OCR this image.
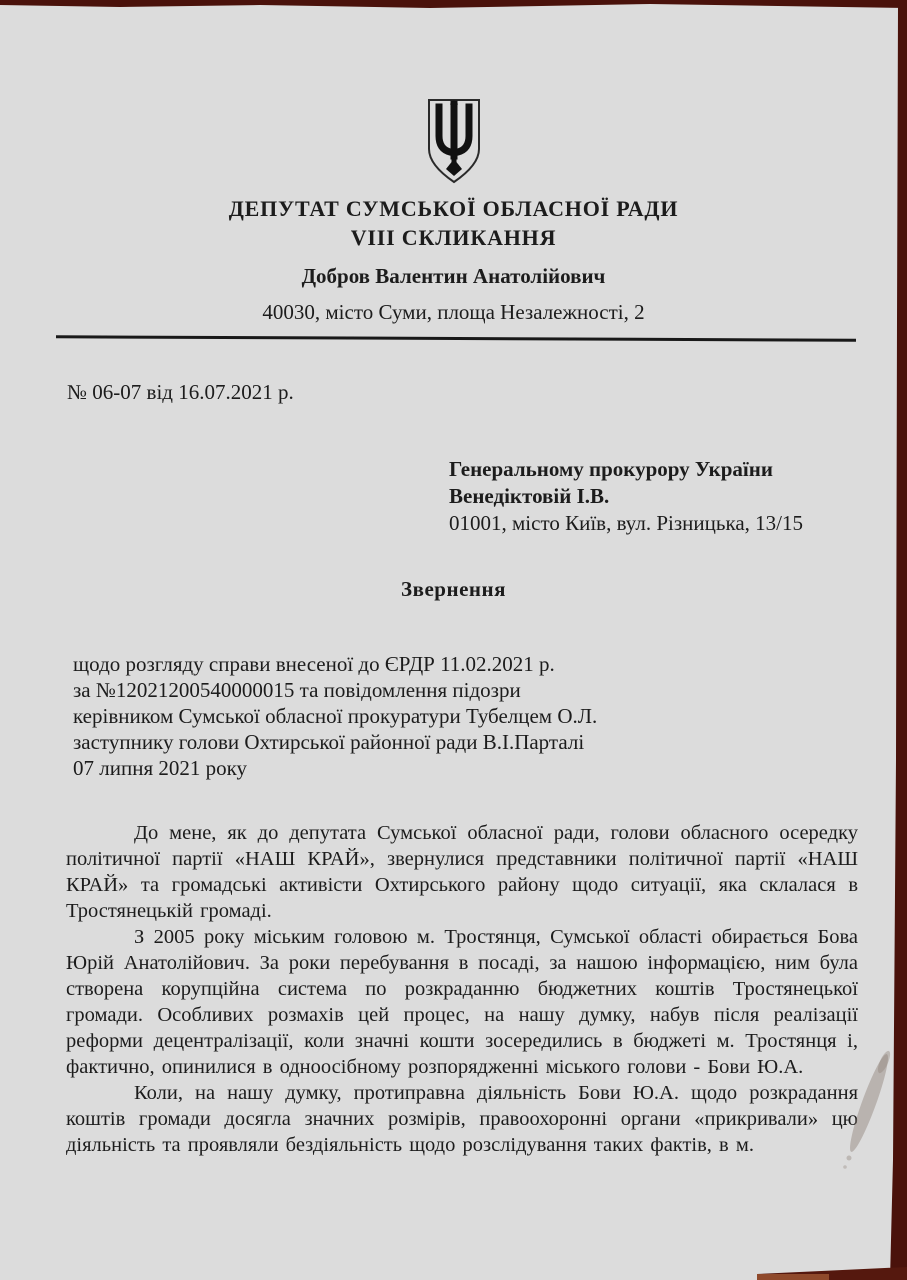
ДЕПУТАТ СУМСЬКОЇ ОБЛАСНОЇ РАДИ
VIII СКЛИКАННЯ
Добров Валентин Анатолійович
40030, місто Суми, площа Незалежності, 2
№ 06-07 від 16.07.2021 р.
Генеральному прокурору України
Венедіктовій І.В.
01001, місто Київ, вул. Різницька, 13/15
Звернення
щодо розгляду справи внесеної до ЄРДР 11.02.2021 р.
за №12021200540000015 та повідомлення підозри
керівником Сумської обласної прокуратури Тубелцем О.Л.
заступнику голови Охтирської районної ради В.І.Парталі
07 липня 2021 року

До мене, як до депутата Сумської обласної ради, голови обласного осередку політичної партії «НАШ КРАЙ», звернулися представники політичної партії «НАШ КРАЙ» та громадські активісти Охтирського району щодо ситуації, яка склалася в Тростянецькій громаді.

З 2005 року міським головою м. Тростянця, Сумської області обирається Бова Юрій Анатолійович. За роки перебування в посаді, за нашою інформацією, ним була створена корупційна система по розкраданню бюджетних коштів Тростянецької громади. Особливих розмахів цей процес, на нашу думку, набув після реалізації реформи децентралізації, коли значні кошти зосередились в бюджеті м. Тростянця і, фактично, опинилися в одноосібному розпорядженні міського голови - Бови Ю.А.

Коли, на нашу думку, протиправна діяльність Бови Ю.А. щодо розкрадання коштів громади досягла значних розмірів, правоохоронні органи «прикривали» цю діяльність та проявляли бездіяльність щодо розслідування таких фактів, в м.
